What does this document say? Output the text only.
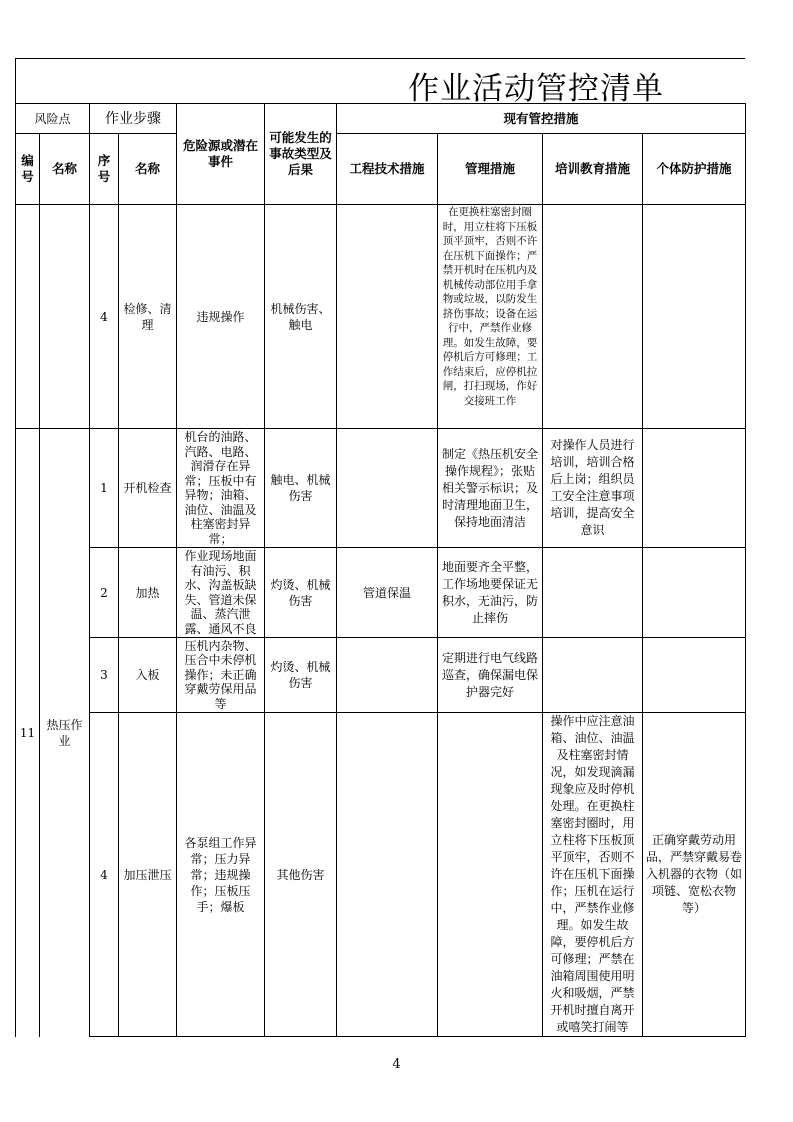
作业活动管控清单
风险点		作业步骤		危险源或潜在事件	可能发生的事故类型及后果	现有管控措施			
编号	名称	序号	名称			工程技术措施	管理措施	培训教育措施	个体防护措施
		4	检修、清理	违规操作	机械伤害、触电		在更换柱塞密封圈时，用立柱将下压板顶平顶牢，否则不许在压机下面操作；严禁开机时在压机内及机械传动部位用手拿物或垃圾，以防发生挤伤事故；设备在运行中，严禁作业修理。如发生故障，要停机后方可修理；工作结束后，应停机拉闸，打扫现场，作好交接班工作		
11	热压作业	1	开机检查	机台的油路、汽路、电路、润滑存在异常；压板中有异物；油箱、油位、油温及柱塞密封异常；	触电、机械伤害		制定《热压机安全操作规程》；张贴相关警示标识；及时清理地面卫生，保持地面清洁	对操作人员进行培训，培训合格后上岗；组织员工安全注意事项培训，提高安全意识	
		2	加热	作业现场地面有油污、积水、沟盖板缺失、管道未保温、蒸汽泄露、通风不良	灼烫、机械伤害	管道保温	地面要齐全平整，工作场地要保证无积水，无油污，防止摔伤		
		3	入板	压机内杂物、压合中未停机操作；未正确穿戴劳保用品等	灼烫、机械伤害		定期进行电气线路巡查，确保漏电保护器完好		
		4	加压泄压	各泵组工作异常；压力异常；违规操作；压板压手；爆板	其他伤害			操作中应注意油箱、油位、油温及柱塞密封情况，如发现滴漏现象应及时停机处理。在更换柱塞密封圈时，用立柱将下压板顶平顶牢，否则不许在压机下面操作；压机在运行中，严禁作业修理。如发生故障，要停机后方可修理；严禁在油箱周围使用明火和吸烟，严禁开机时擅自离开或嘻笑打闹等	正确穿戴劳动用品，严禁穿戴易卷入机器的衣物（如项链、宽松衣物等）
4
